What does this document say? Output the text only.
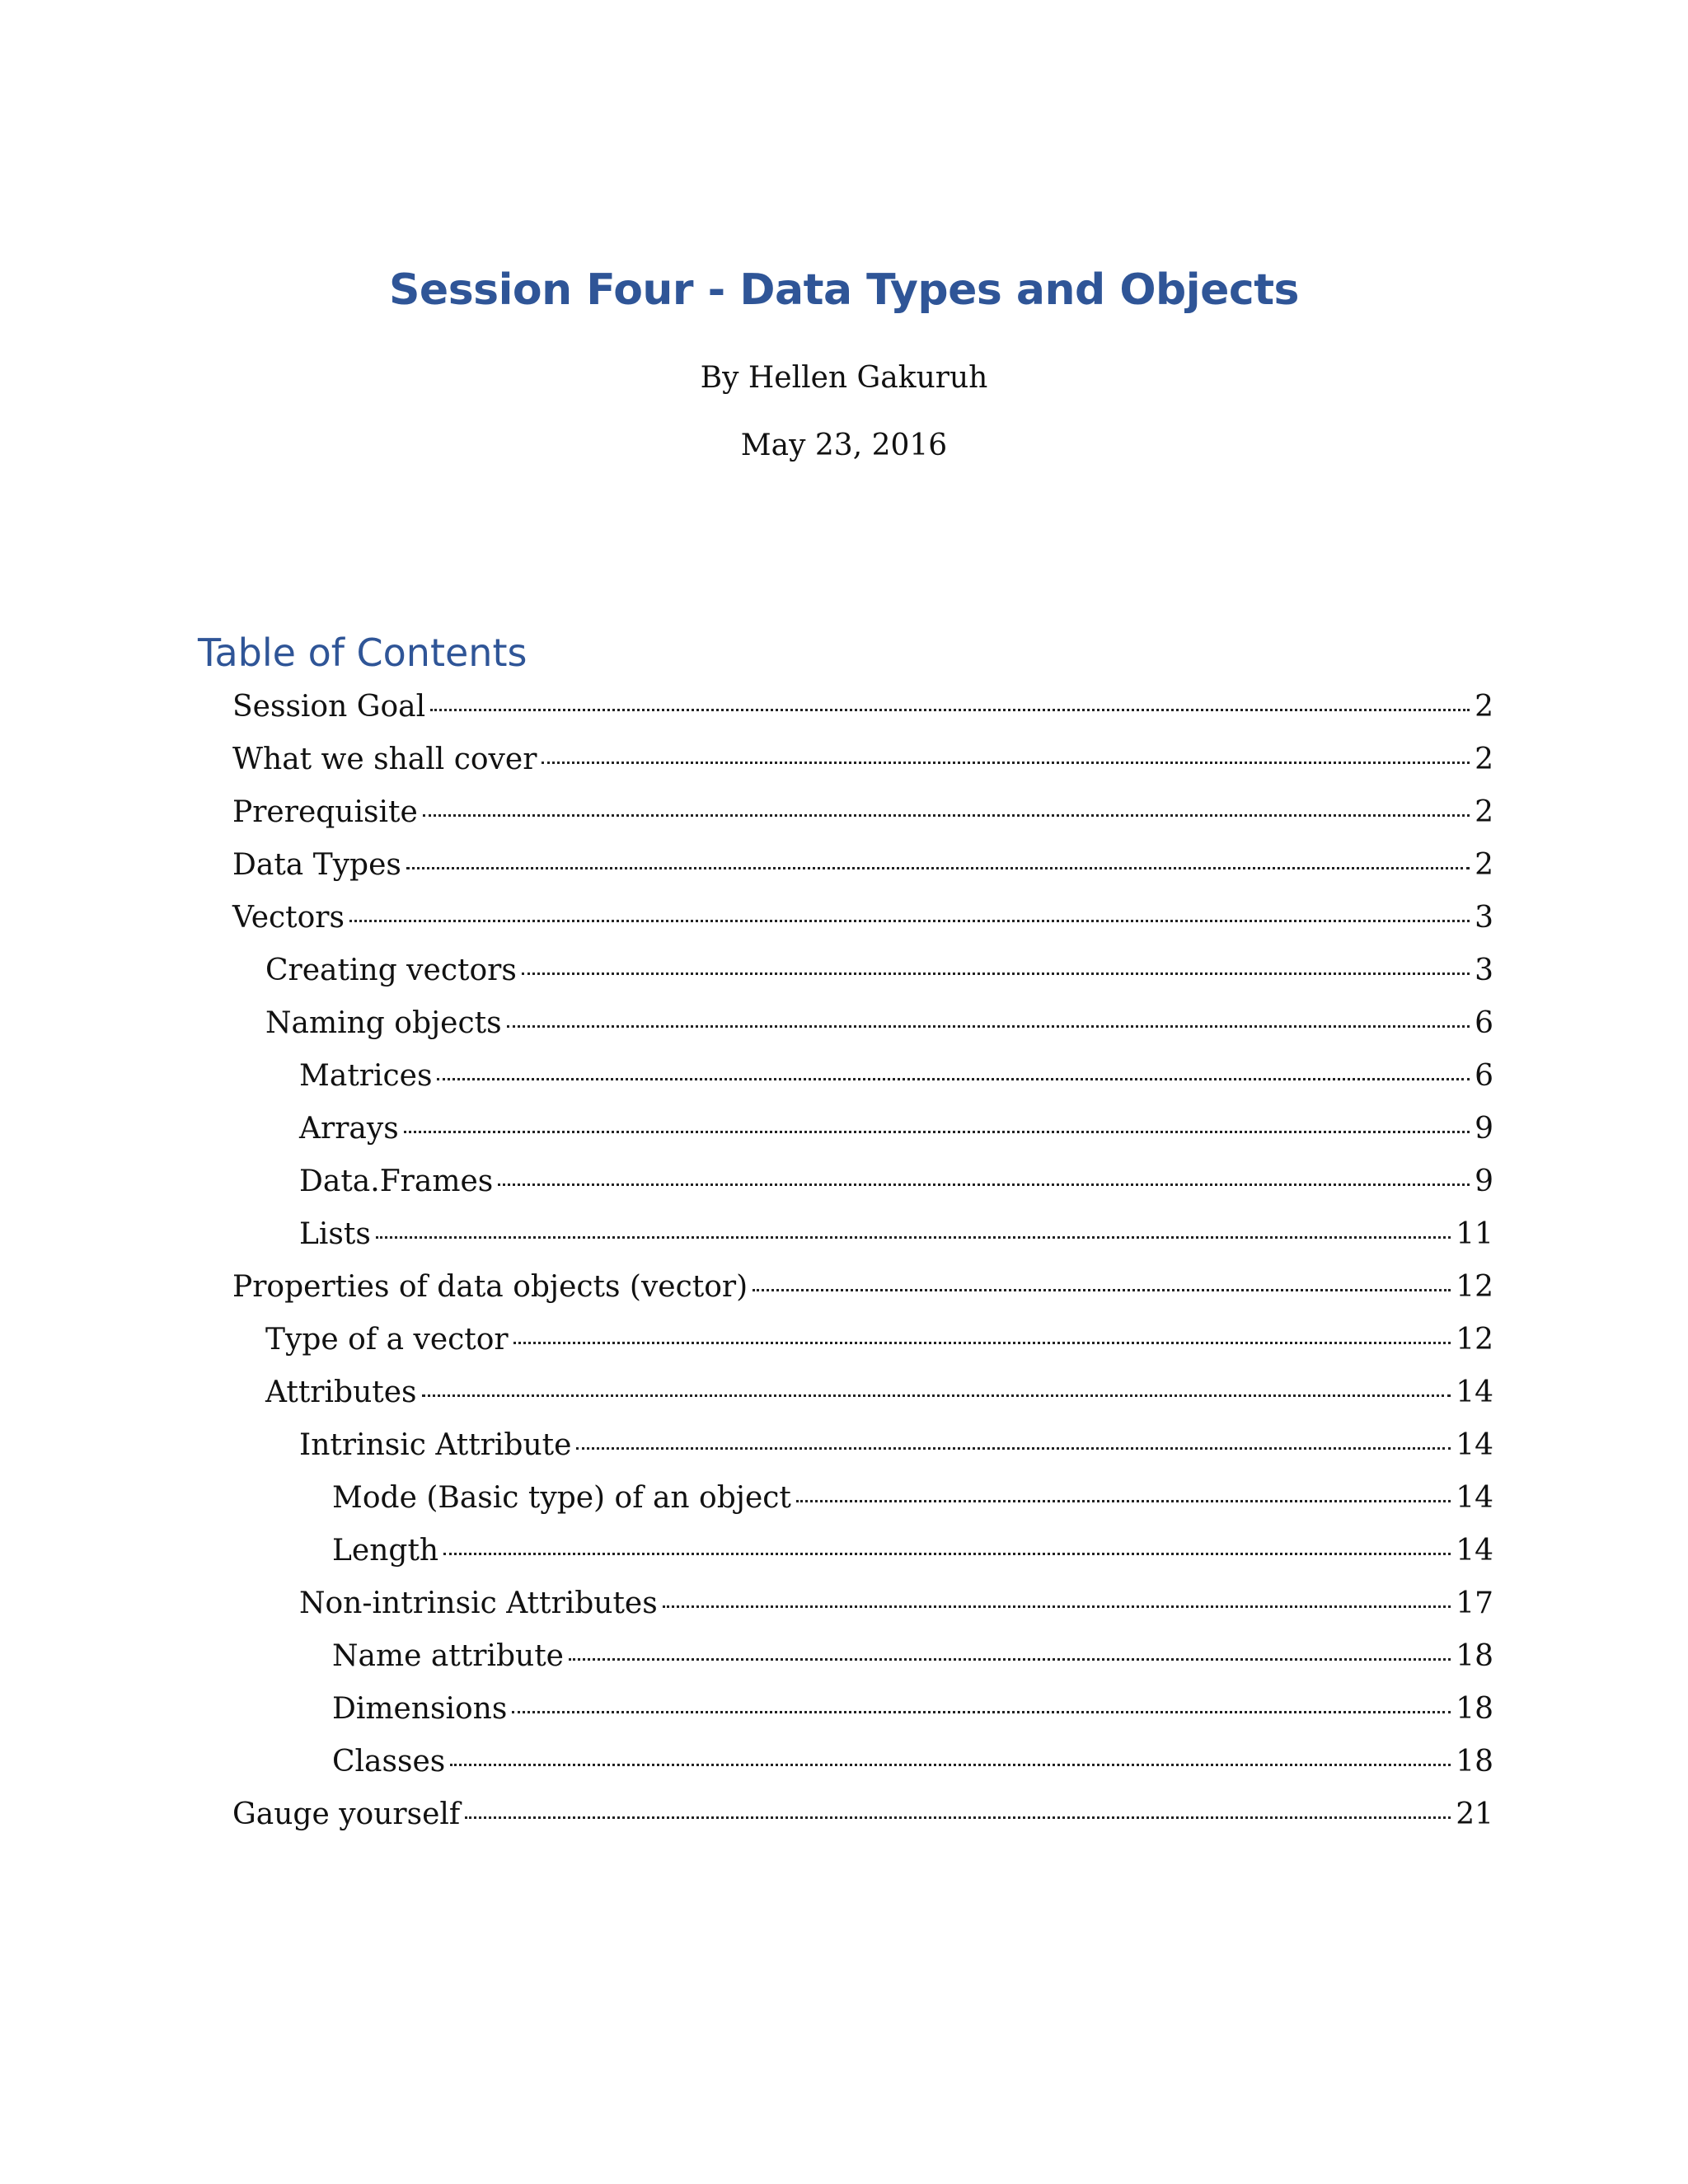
Session Four - Data Types and Objects
By Hellen Gakuruh
May 23, 2016
Table of Contents
Session Goal	2
What we shall cover	2
Prerequisite	2
Data Types	2
Vectors	3
Creating vectors	3
Naming objects	6
Matrices	6
Arrays	9
Data.Frames	9
Lists	11
Properties of data objects (vector)	12
Type of a vector	12
Attributes	14
Intrinsic Attribute	14
Mode (Basic type) of an object	14
Length	14
Non-intrinsic Attributes	17
Name attribute	18
Dimensions	18
Classes	18
Gauge yourself	21
